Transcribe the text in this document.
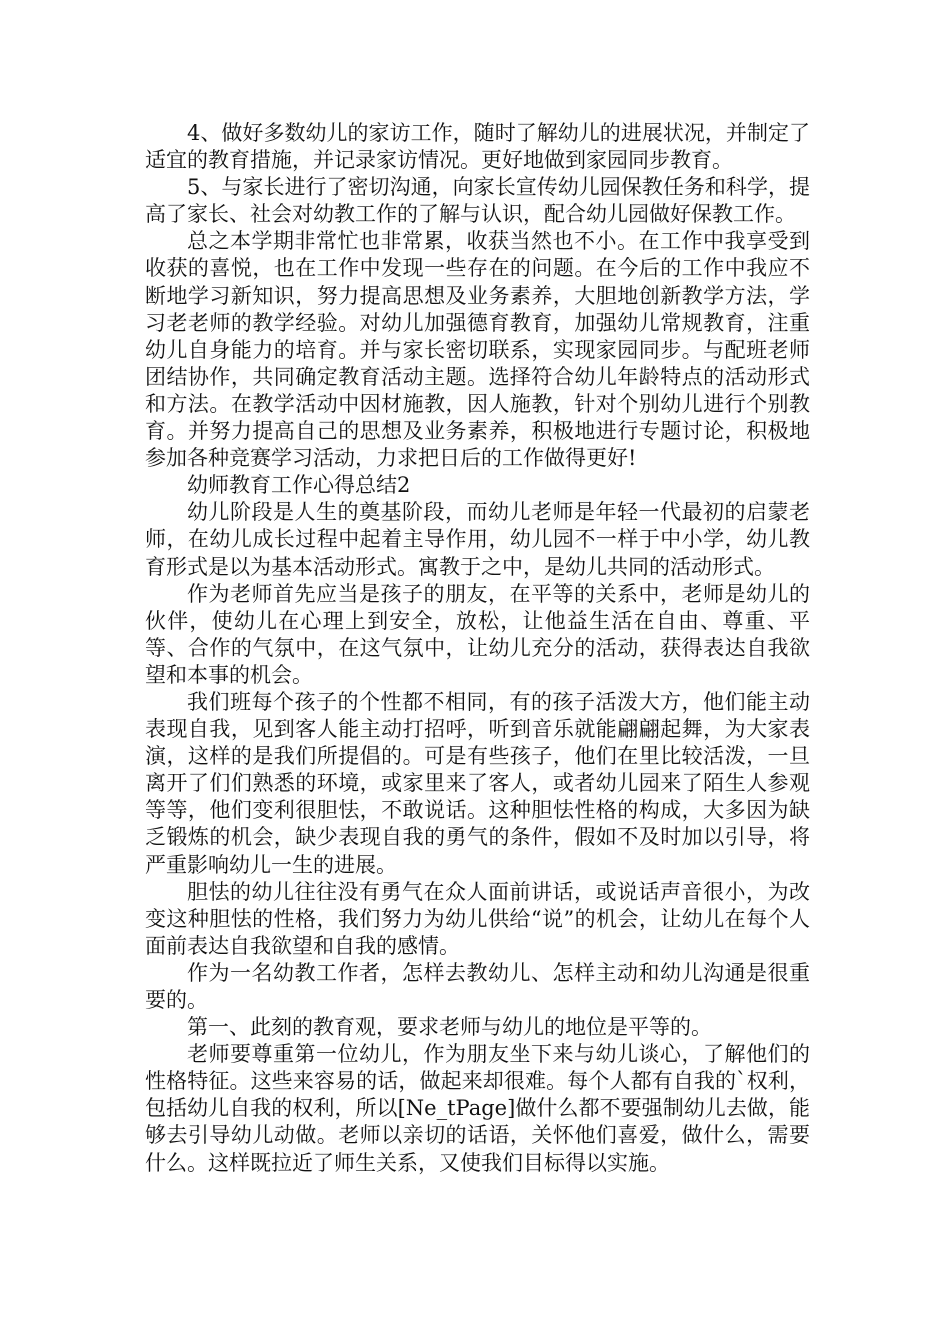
4、做好多数幼儿的家访工作，随时了解幼儿的进展状况，并制定了适宜的教育措施，并记录家访情况。更好地做到家园同步教育。

5、与家长进行了密切沟通，向家长宣传幼儿园保教任务和科学，提高了家长、社会对幼教工作的了解与认识，配合幼儿园做好保教工作。

总之本学期非常忙也非常累，收获当然也不小。在工作中我享受到收获的喜悦，也在工作中发现一些存在的问题。在今后的工作中我应不断地学习新知识，努力提高思想及业务素养，大胆地创新教学方法，学习老老师的教学经验。对幼儿加强德育教育，加强幼儿常规教育，注重幼儿自身能力的培育。并与家长密切联系，实现家园同步。与配班老师团结协作，共同确定教育活动主题。选择符合幼儿年龄特点的活动形式和方法。在教学活动中因材施教，因人施教，针对个别幼儿进行个别教育。并努力提高自己的思想及业务素养，积极地进行专题讨论，积极地参加各种竞赛学习活动，力求把日后的工作做得更好!

幼师教育工作心得总结2

幼儿阶段是人生的奠基阶段，而幼儿老师是年轻一代最初的启蒙老师，在幼儿成长过程中起着主导作用，幼儿园不一样于中小学，幼儿教育形式是以为基本活动形式。寓教于之中，是幼儿共同的活动形式。

作为老师首先应当是孩子的朋友，在平等的关系中，老师是幼儿的伙伴，使幼儿在心理上到安全，放松，让他益生活在自由、尊重、平等、合作的气氛中，在这气氛中，让幼儿充分的活动，获得表达自我欲望和本事的机会。

我们班每个孩子的个性都不相同，有的孩子活泼大方，他们能主动表现自我，见到客人能主动打招呼，听到音乐就能翩翩起舞，为大家表演，这样的是我们所提倡的。可是有些孩子，他们在里比较活泼，一旦离开了们们熟悉的环境，或家里来了客人，或者幼儿园来了陌生人参观等等，他们变利很胆怯，不敢说话。这种胆怯性格的构成，大多因为缺乏锻炼的机会，缺少表现自我的勇气的条件，假如不及时加以引导，将严重影响幼儿一生的进展。

胆怯的幼儿往往没有勇气在众人面前讲话，或说话声音很小，为改变这种胆怯的性格，我们努力为幼儿供给“说”的机会，让幼儿在每个人面前表达自我欲望和自我的感情。

作为一名幼教工作者，怎样去教幼儿、怎样主动和幼儿沟通是很重要的。

第一、此刻的教育观，要求老师与幼儿的地位是平等的。

老师要尊重第一位幼儿，作为朋友坐下来与幼儿谈心，了解他们的性格特征。这些来容易的话，做起来却很难。每个人都有自我的`权利，包括幼儿自我的权利，所以[Ne_tPage]做什么都不要强制幼儿去做，能够去引导幼儿动做。老师以亲切的话语，关怀他们喜爱，做什么，需要什么。这样既拉近了师生关系，又使我们目标得以实施。
